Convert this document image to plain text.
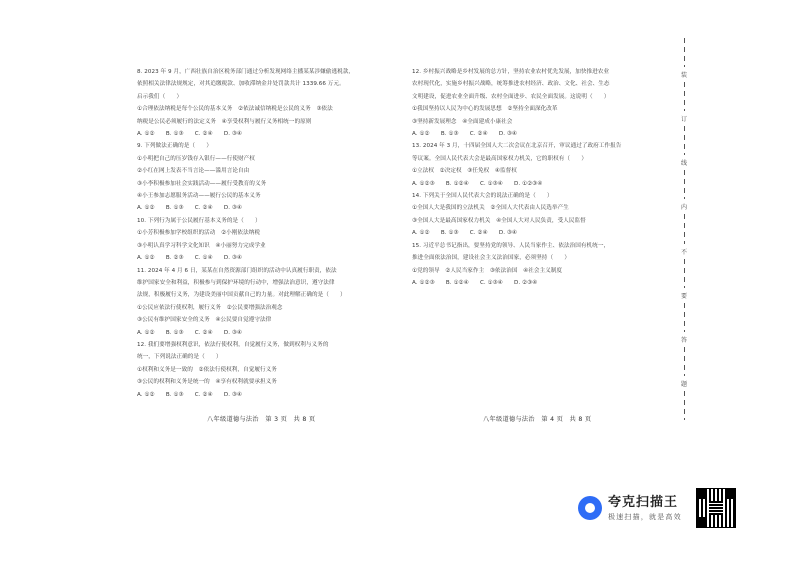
8. 2023 年 9 月，广西壮族自治区税务部门通过分析发现网络主播某某涉嫌偷逃税款，

依照相关法律法规规定，对其追缴税款、加收滞纳金并处罚款共计 1339.66 万元。

启示我们（　　）

①合理依法纳税是每个公民的基本义务　②依法诚信纳税是公民的义务　③依法

纳税是公民必须履行的法定义务　④享受权利与履行义务相统一的原则

A. ①②　　B. ①③　　C. ②④　　D. ③④

9. 下列做法正确的是（　　）

①小明把自己的压岁钱存入银行——行使财产权

②小红在网上发表不当言论——滥用言论自由

③小李积极参加社会实践活动——履行受教育的义务

④小王参加志愿服务活动——履行公民的基本义务

A. ①②　　B. ①③　　C. ②④　　D. ③④

10. 下列行为属于公民履行基本义务的是（　　）

①小芳积极参加学校组织的活动　②小刚依法纳税

③小明认真学习科学文化知识　④小丽努力完成学业

A. ①②　　B. ②③　　C. ①④　　D. ③④

11. 2024 年 4 月 6 日，某某在自然资源部门组织的活动中认真履行职责，依法

维护国家安全和利益，积极参与到保护环境的行动中，增强法治意识，遵守法律

法规，积极履行义务，为建设美丽中国贡献自己的力量。对此理解正确的是（　　）

①公民应依法行使权利，履行义务　②公民要增强法治观念

③公民有维护国家安全的义务　④公民要自觉遵守法律

A. ①②　　B. ①③　　C. ②④　　D. ③④

12. 我们要增强权利意识，依法行使权利，自觉履行义务，做到权利与义务的

统一，下列说法正确的是（　　）

①权利和义务是一致的　②依法行使权利，自觉履行义务

③公民的权利和义务是统一的　④享有权利就要承担义务

A. ①②　　B. ①③　　C. ②④　　D. ③④

12. 乡村振兴战略是乡村发展的总方针，坚持农业农村优先发展，加快推进农业

农村现代化，实施乡村振兴战略，统筹推进农村经济、政治、文化、社会、生态

文明建设，促进农业全面升级、农村全面进步、农民全面发展。这说明（　　）

①我国坚持以人民为中心的发展思想　②坚持全面深化改革

③坚持新发展理念　④全面建成小康社会

A. ①②　　B. ①③　　C. ②④　　D. ③④

13. 2024 年 3 月，十四届全国人大二次会议在北京召开，审议通过了政府工作报告

等议案。全国人民代表大会是最高国家权力机关，它的职权有（　　）

①立法权　②决定权　③任免权　④监督权

A. ①②③　　B. ①②④　　C. ①③④　　D. ①②③④

14. 下列关于全国人民代表大会的说法正确的是（　　）

①全国人大是我国的立法机关　②全国人大代表由人民选举产生

③全国人大是最高国家权力机关　④全国人大对人民负责，受人民监督

A. ①②　　B. ①③　　C. ②④　　D. ③④

15. 习近平总书记指出，要坚持党的领导、人民当家作主、依法治国有机统一，

推进全面依法治国，建设社会主义法治国家，必须坚持（　　）

①党的领导　②人民当家作主　③依法治国　④社会主义制度

A. ①②③　　B. ①②④　　C. ①③④　　D. ②③④

八年级道德与法治　第 3 页　共 8 页	八年级道德与法治　第 4 页　共 8 页
装
订
线
内
不
要
答
题
夸克扫描王
极速扫描，就是高效
